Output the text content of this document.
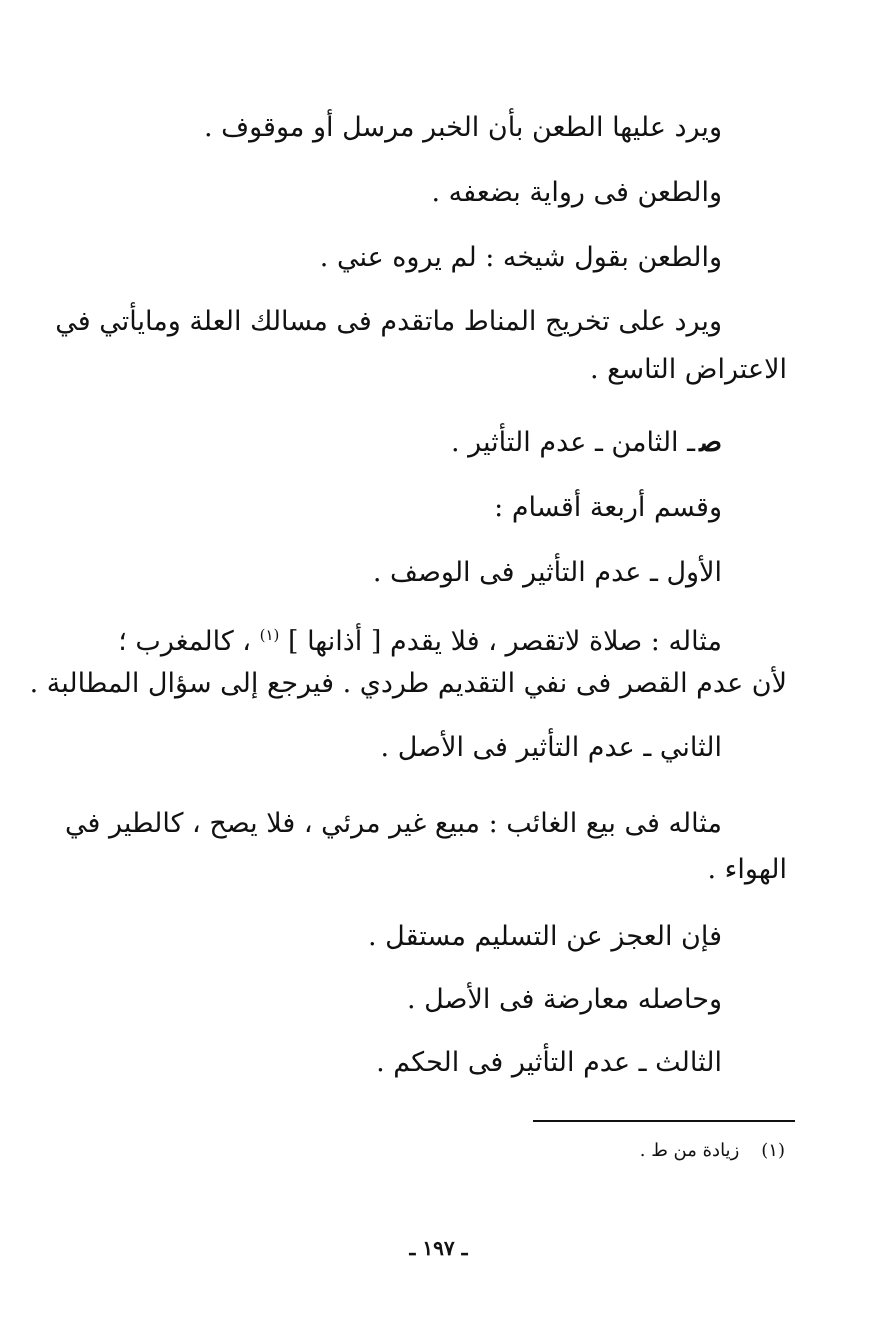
ويرد عليها الطعن بأن الخبر مرسل أو موقوف .
والطعن فى رواية بضعفه .
والطعن بقول شيخه : لم يروه عني .
ويرد على تخريج المناط ماتقدم فى مسالك العلة ومايأتي في
الاعتراض التاسع .
صـ الثامن ـ عدم التأثير .
وقسم أربعة أقسام :
الأول ـ عدم التأثير فى الوصف .
مثاله : صلاة لاتقصر ، فلا يقدم [ أذانها ] $^{(١)}$ ، كالمغرب ؛
لأن عدم القصر فى نفي التقديم طردي . فيرجع إلى سؤال المطالبة .
الثاني ـ عدم التأثير فى الأصل .
مثاله فى بيع الغائب : مبيع غير مرئي ، فلا يصح ، كالطير في
الهواء .
فإن العجز عن التسليم مستقل .
وحاصله معارضة فى الأصل .
الثالث ـ عدم التأثير فى الحكم .
(١)زيادة من ط .
ـ ١٩٧ ـ
